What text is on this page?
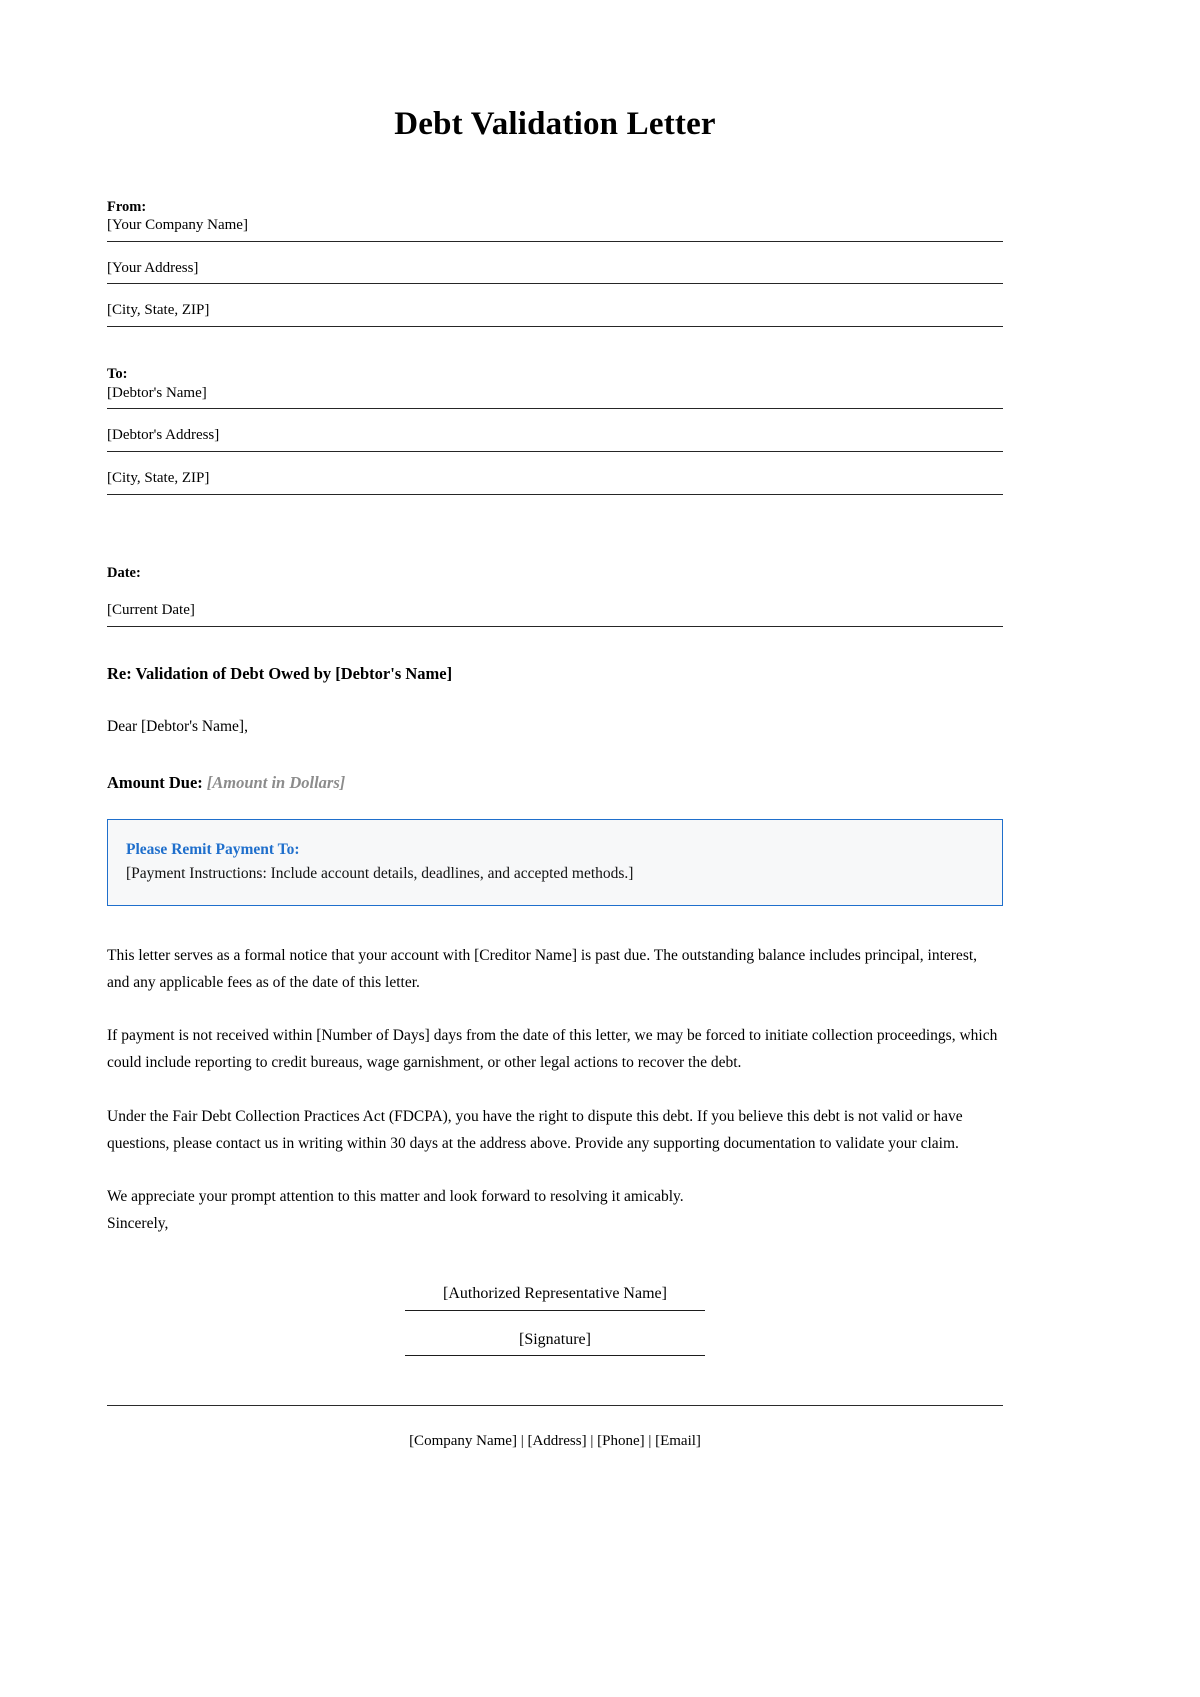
Debt Validation Letter
From:
[Your Company Name]
[Your Address]
[City, State, ZIP]
To:
[Debtor's Name]
[Debtor's Address]
[City, State, ZIP]
Date:
[Current Date]
Re: Validation of Debt Owed by [Debtor's Name]
Dear [Debtor's Name],
Amount Due: [Amount in Dollars]
Please Remit Payment To:
[Payment Instructions: Include account details, deadlines, and accepted methods.]

This letter serves as a formal notice that your account with [Creditor Name] is past due. The outstanding balance includes principal, interest, and any applicable fees as of the date of this letter.

If payment is not received within [Number of Days] days from the date of this letter, we may be forced to initiate collection proceedings, which could include reporting to credit bureaus, wage garnishment, or other legal actions to recover the debt.

Under the Fair Debt Collection Practices Act (FDCPA), you have the right to dispute this debt. If you believe this debt is not valid or have questions, please contact us in writing within 30 days at the address above. Provide any supporting documentation to validate your claim.

We appreciate your prompt attention to this matter and look forward to resolving it amicably.

Sincerely,

[Authorized Representative Name]
[Signature]
[Company Name] | [Address] | [Phone] | [Email]
